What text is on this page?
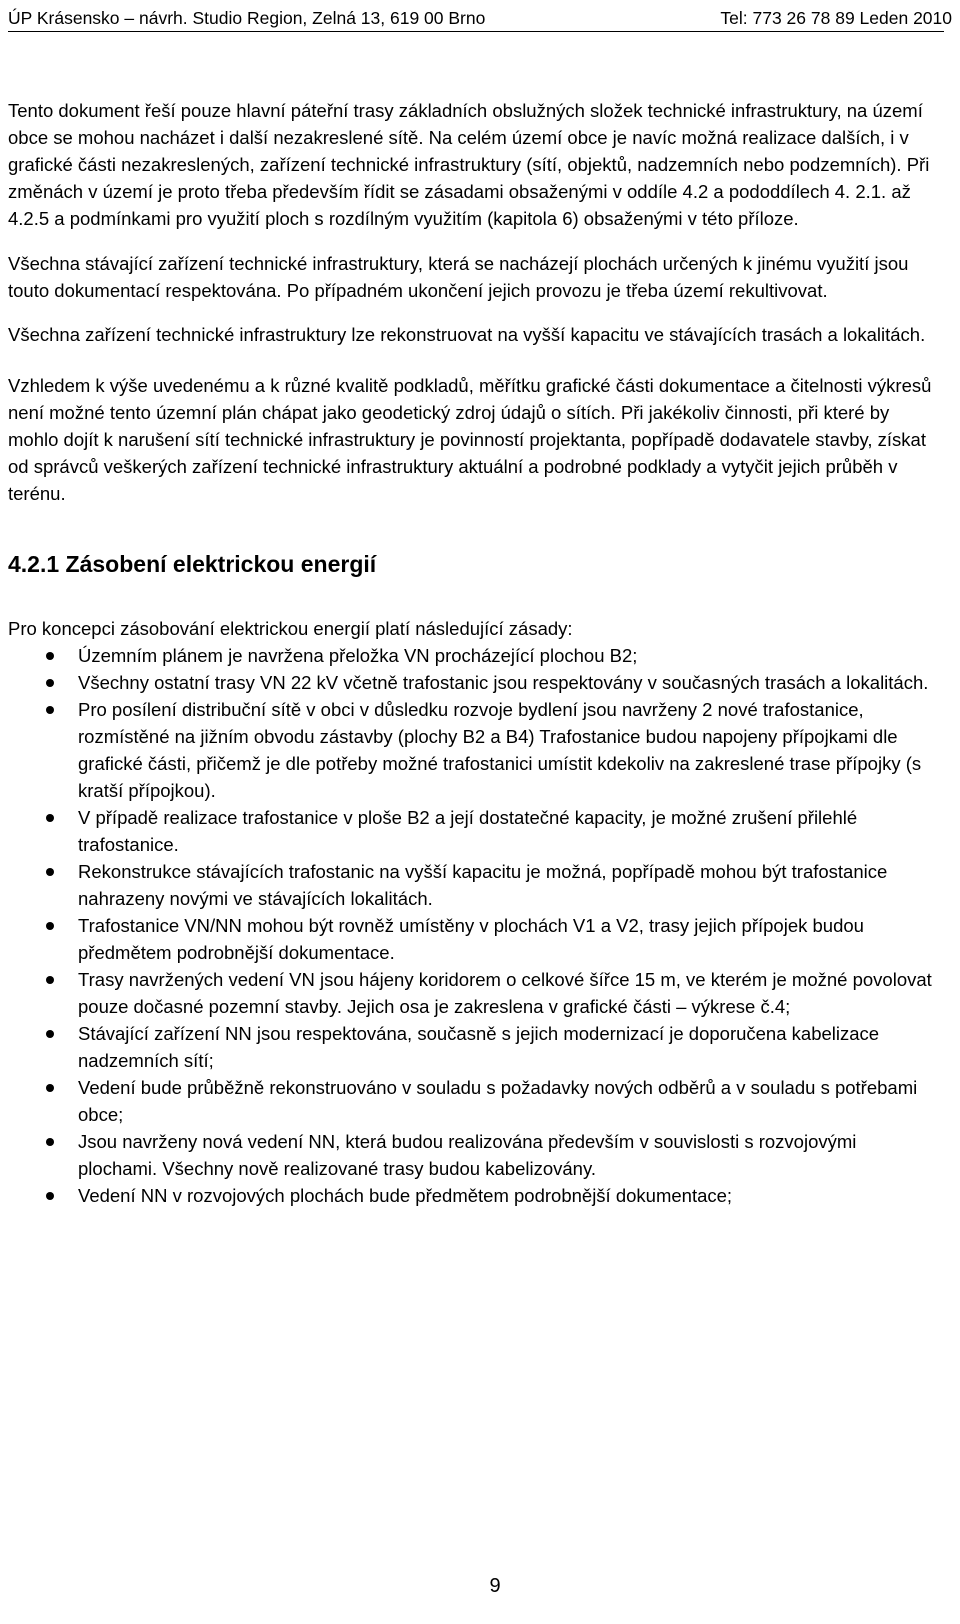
ÚP Krásensko – návrh. Studio Region, Zelná 13, 619 00 Brno	Tel: 773 26 78 89 Leden 2010

Tento dokument řeší pouze hlavní páteřní trasy základních obslužných složek technické infrastruktury, na území obce se mohou nacházet i další nezakreslené sítě. Na celém území obce je navíc možná realizace dalších, i v grafické části nezakreslených, zařízení technické infrastruktury (sítí, objektů, nadzemních nebo podzemních). Při změnách v území je proto třeba především řídit se zásadami obsaženými v oddíle 4.2 a pododdílech 4. 2.1. až 4.2.5 a podmínkami pro využití ploch s rozdílným využitím (kapitola 6) obsaženými v této příloze.

Všechna stávající zařízení technické infrastruktury, která se nacházejí plochách určených k jinému využití jsou touto dokumentací respektována. Po případném ukončení jejich provozu je třeba území rekultivovat.

Všechna zařízení technické infrastruktury lze rekonstruovat na vyšší kapacitu ve stávajících trasách a lokalitách.

Vzhledem k výše uvedenému a k různé kvalitě podkladů, měřítku grafické části dokumentace a čitelnosti výkresů není možné tento územní plán chápat jako geodetický zdroj údajů o sítích. Při jakékoliv činnosti, při které by mohlo dojít k narušení sítí technické infrastruktury je povinností projektanta, popřípadě dodavatele stavby, získat od správců veškerých zařízení technické infrastruktury aktuální a podrobné podklady a vytyčit jejich průběh v terénu.

4.2.1 Zásobení elektrickou energií

Pro koncepci zásobování elektrickou energií platí následující zásady:

Územním plánem je navržena přeložka VN procházející plochou B2;
Všechny ostatní trasy VN 22 kV včetně trafostanic jsou respektovány v současných trasách a lokalitách.
Pro posílení distribuční sítě v obci v důsledku rozvoje bydlení jsou navrženy 2 nové trafostanice, rozmístěné na jižním obvodu zástavby (plochy B2 a B4) Trafostanice budou napojeny přípojkami dle grafické části, přičemž je dle potřeby možné trafostanici umístit kdekoliv na zakreslené trase přípojky (s kratší přípojkou).
V případě realizace trafostanice v ploše B2 a její dostatečné kapacity, je možné zrušení přilehlé trafostanice.
Rekonstrukce stávajících trafostanic na vyšší kapacitu je možná, popřípadě mohou být trafostanice nahrazeny novými ve stávajících lokalitách.
Trafostanice VN/NN mohou být rovněž umístěny v plochách V1 a V2, trasy jejich přípojek budou předmětem podrobnější dokumentace.
Trasy navržených vedení VN jsou hájeny koridorem o celkové šířce 15 m, ve kterém je možné povolovat pouze dočasné pozemní stavby. Jejich osa je zakreslena v grafické části – výkrese č.4;
Stávající zařízení NN jsou respektována, současně s jejich modernizací je doporučena kabelizace nadzemních sítí;
Vedení bude průběžně rekonstruováno v souladu s požadavky nových odběrů a v souladu s potřebami obce;
Jsou navrženy nová vedení NN, která budou realizována především v souvislosti s rozvojovými plochami. Všechny nově realizované trasy budou kabelizovány.
Vedení NN v rozvojových plochách bude předmětem podrobnější dokumentace;
9
